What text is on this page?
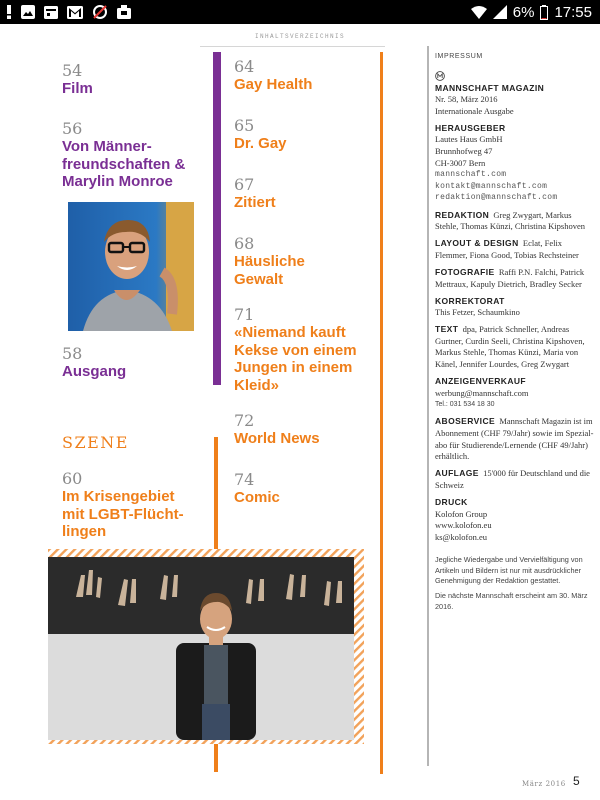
6% 17:55
INHALTSVERZEICHNIS
54
Film
56
Von Männer-
freundschaften &
Marylin Monroe
58
Ausgang
SZENE
60
Im Krisengebiet
mit LGBT-Flücht-
lingen
64
Gay Health
65
Dr. Gay
67
Zitiert
68
Häusliche
Gewalt
71
«Niemand kauft
Kekse von einem
Jungen in einem
Kleid»
72
World News
74
Comic

IMPRESSUM

MANNSCHAFT MAGAZIN
Nr. 58, März 2016

Internationale Ausgabe

HERAUSGEBER
Lautes Haus GmbH
Brunnhofweg 47
CH-3007 Bern
mannschaft.com
kontakt@mannschaft.com

redaktion@mannschaft.com

REDAKTION Greg Zwygart, Markus Stehle, Thomas Künzi, Christina Kipshoven

LAYOUT & DESIGN Eclat, Felix Flemmer, Fiona Good, Tobias Rechsteiner

FOTOGRAFIE Raffi P.N. Falchi, Patrick Mettraux, Kapuly Dietrich, Bradley Secker

KORREKTORAT
This Fetzer, Schaumkino

TEXT dpa, Patrick Schneller, Andreas Gurtner, Curdin Seeli, Christina Kipshoven, Markus Stehle, Thomas Künzi, Maria von Känel, Jennifer Lourdes, Greg Zwygart

ANZEIGENVERKAUF
werbung@mannschaft.com

Tel.: 031 534 18 30

ABOSERVICE Mannschaft Magazin ist im Abonnement (CHF 79/Jahr) sowie im Spezial-abo für Studierende/Lernende (CHF 49/Jahr) erhältlich.

AUFLAGE 15'000 für Deutschland und die Schweiz

DRUCK
Kolofon Group
www.kolofon.eu

ks@kolofon.eu

Jegliche Wiedergabe und Vervielfältigung von Artikeln und Bildern ist nur mit ausdrücklicher Genehmigung der Redaktion gestattet.

Die nächste Mannschaft erscheint am 30. März 2016.

März 2016 5
